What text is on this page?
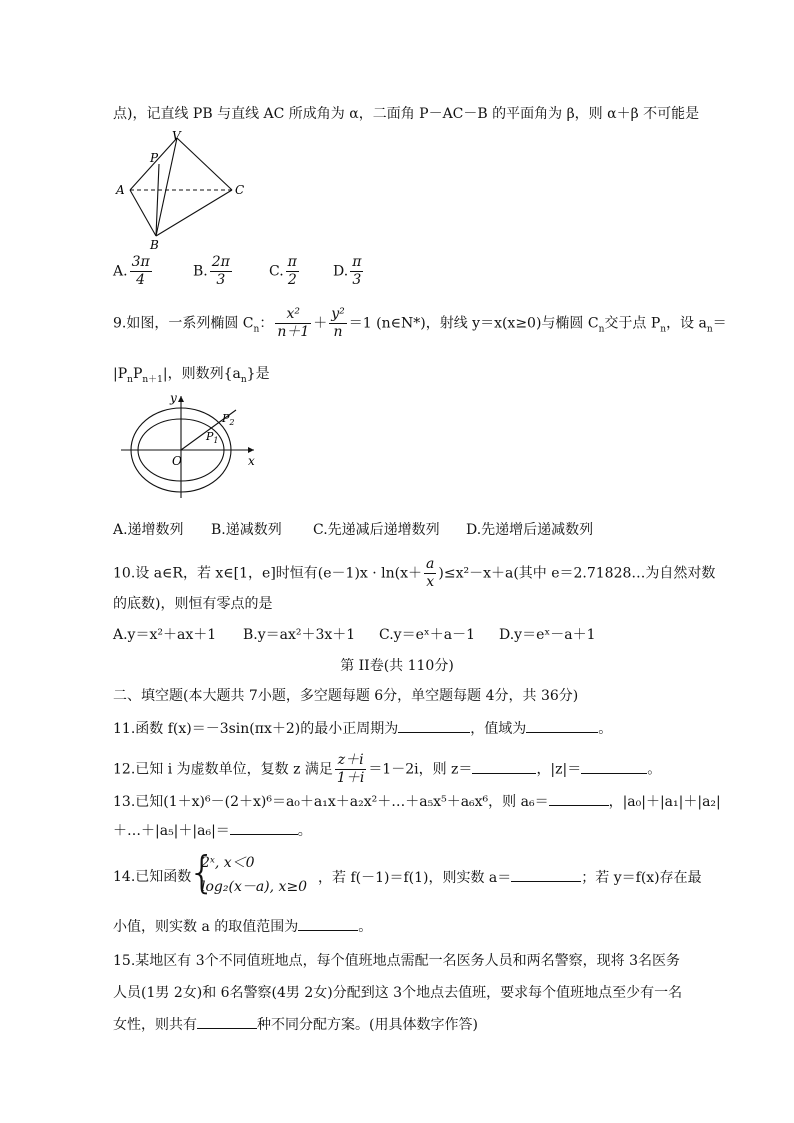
点)，记直线 PB 与直线 AC 所成角为 α，二面角 P－AC－B 的平面角为 β，则 α＋β 不可能是
V
P
A	C
B
A. $\frac{3\pi}{4}$	B. $\frac{2\pi}{3}$	C. $\frac{\pi}{2} D$. $\frac{\pi}{3}$
9.如图，一系列椭圆 $C_n$： $\frac{\text{x²}}{n+1} + \frac{\text{y²}}{n} =1$ (n∈N*)，射线 y＝x(x≥0)与椭圆 $C_n$交于点 $P_n$，设 $a_n=$
$|P_nP_{n+1}|$，则数列$\{a_n\}$是
y
x
O
$P_1$
$P_2$
A.递增数列 B.递减数列 C.先递减后递增数列 D.先递增后递减数列
10.设 a∈R，若 x∈[1，e]时恒有$(e-1)x \cdot \ln(x+ \frac{a}{x} )\le x^2-x+a$(其中 e＝2.71828…为自然对数
的底数)，则恒有零点的是
A.y＝x²＋ax＋1 B.y＝ax²＋3x＋1 C.y＝eˣ＋a－1 D.y＝eˣ－a＋1
第 II卷(共 110分)
二、填空题(本大题共 7小题，多空题每题 6分，单空题每题 4分，共 36分)
11.函数 f(x)＝－3sin(πx＋2)的最小正周期为	，值域为	。
12.已知 i 为虚数单位，复数 z 满足 $\frac{z+i}{1+i} =1-2i$，则 z＝	，|z|＝	。
13.已知(1＋x)⁶－(2＋x)⁶＝a₀＋a₁x＋a₂x²＋…＋a₅x⁵＋a₆x⁶，则 a₆＝	，|a₀|＋|a₁|＋|a₂|
＋…＋|a₅|＋|a₆|＝	。
14.已知函数
{
2ˣ, x＜0
log₂(x－a), x≥0
，若 f(－1)＝f(1)，则实数 a＝	；若 y＝f(x)存在最
小值，则实数 a 的取值范围为	。
15.某地区有 3个不同值班地点，每个值班地点需配一名医务人员和两名警察，现将 3名医务
人员(1男 2女)和 6名警察(4男 2女)分配到这 3个地点去值班，要求每个值班地点至少有一名
女性，则共有	种不同分配方案。(用具体数字作答)
